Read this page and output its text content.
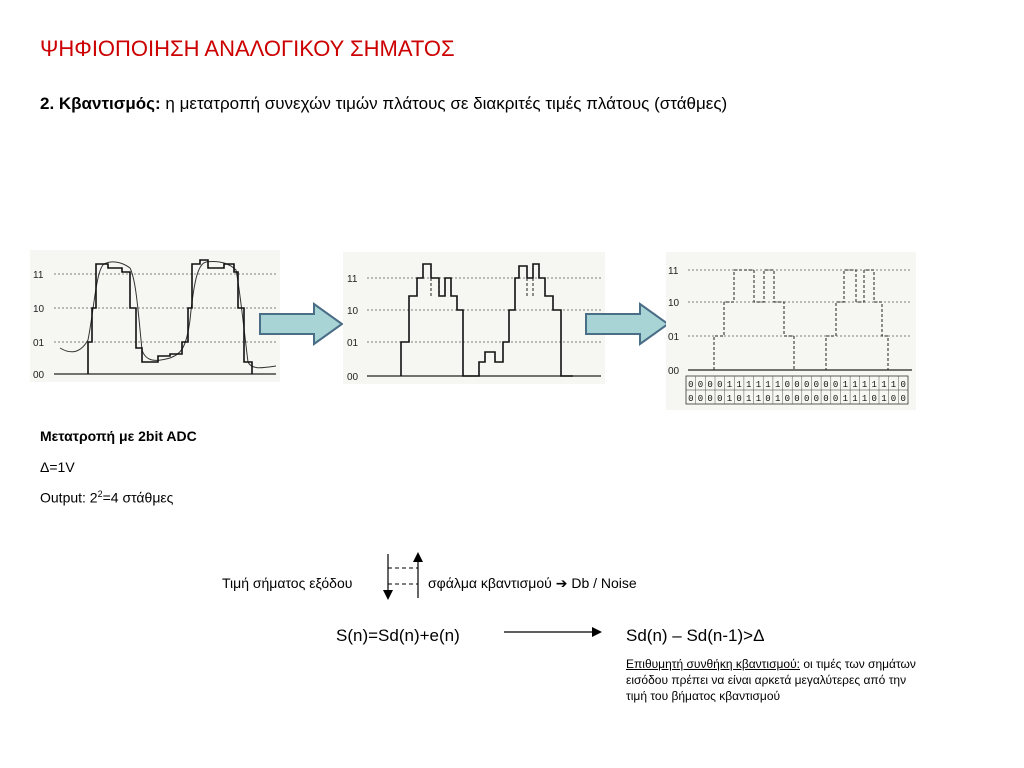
ΨΗΦΙΟΠΟΙΗΣΗ ΑΝΑΛΟΓΙΚΟΥ ΣΗΜΑΤΟΣ
2. Κβαντισμός: η μετατροπή συνεχών τιμών πλάτους σε διακριτές τιμές πλάτους (στάθμες)
11
10
01
00
11
10
01
00
11
10
01
00
0 0 0 0 1 1 1 1 1 1 0 0 0 0 0 0 1 1 1 1 1 1 0
0 0 0 0 1 0 1 1 0 1 0 0 0 0 0 0 1 1 1 0 1 0 0
Μετατροπή με 2bit ADC
Δ=1V
Output: $2^2=4$ στάθμες
Τιμή σήματος εξόδου	σφάλμα κβαντισμού ➔ Db / Noise
S(n)=Sd(n)+e(n)	Sd(n) – Sd(n-1)>Δ
Επιθυμητή συνθήκη κβαντισμού: οι τιμές των σημάτων εισόδου πρέπει να είναι αρκετά μεγαλύτερες από την τιμή του βήματος κβαντισμού
